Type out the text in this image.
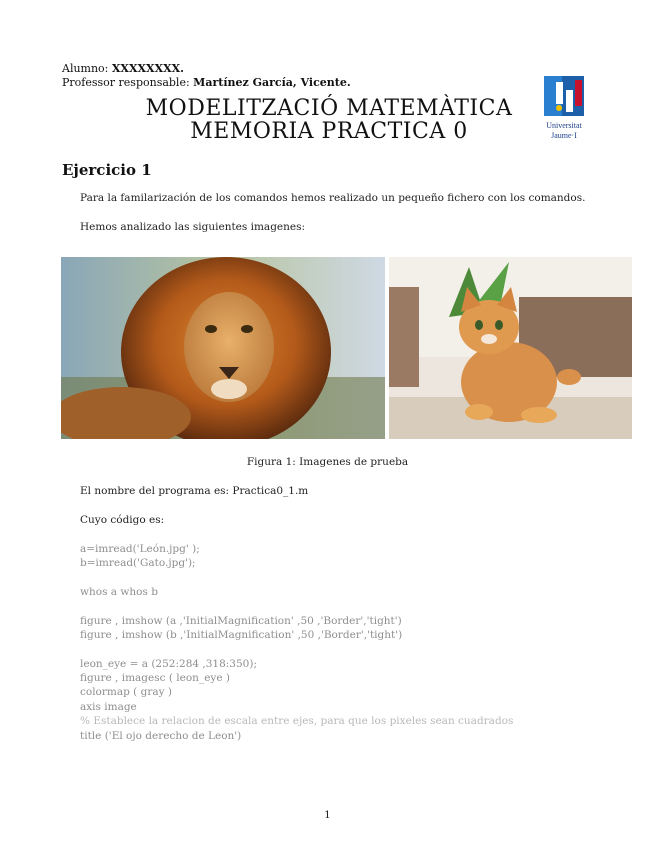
Alumno: XXXXXXXX.
Professor responsable: Martínez García, Vicente.
MODELITZACIÓ MATEMÀTICA
MEMORIA PRACTICA 0	Universitat
Jaume·I
Ejercicio 1
Para la familarización de los comandos hemos realizado un pequeño fichero con los comandos.
Hemos analizado las siguientes imagenes:
Figura 1: Imagenes de prueba
El nombre del programa es: Practica0_1.m
Cuyo código es:
a=imread('León.jpg' );
b=imread('Gato.jpg');
whos a whos b
figure , imshow (a ,'InitialMagnification' ,50 ,'Border','tight')
figure , imshow (b ,'InitialMagnification' ,50 ,'Border','tight')
leon_eye = a (252:284 ,318:350);
figure , imagesc ( leon_eye )
colormap ( gray )
axis image
% Establece la relacion de escala entre ejes, para que los pixeles sean cuadrados
title ('El ojo derecho de Leon')
1
